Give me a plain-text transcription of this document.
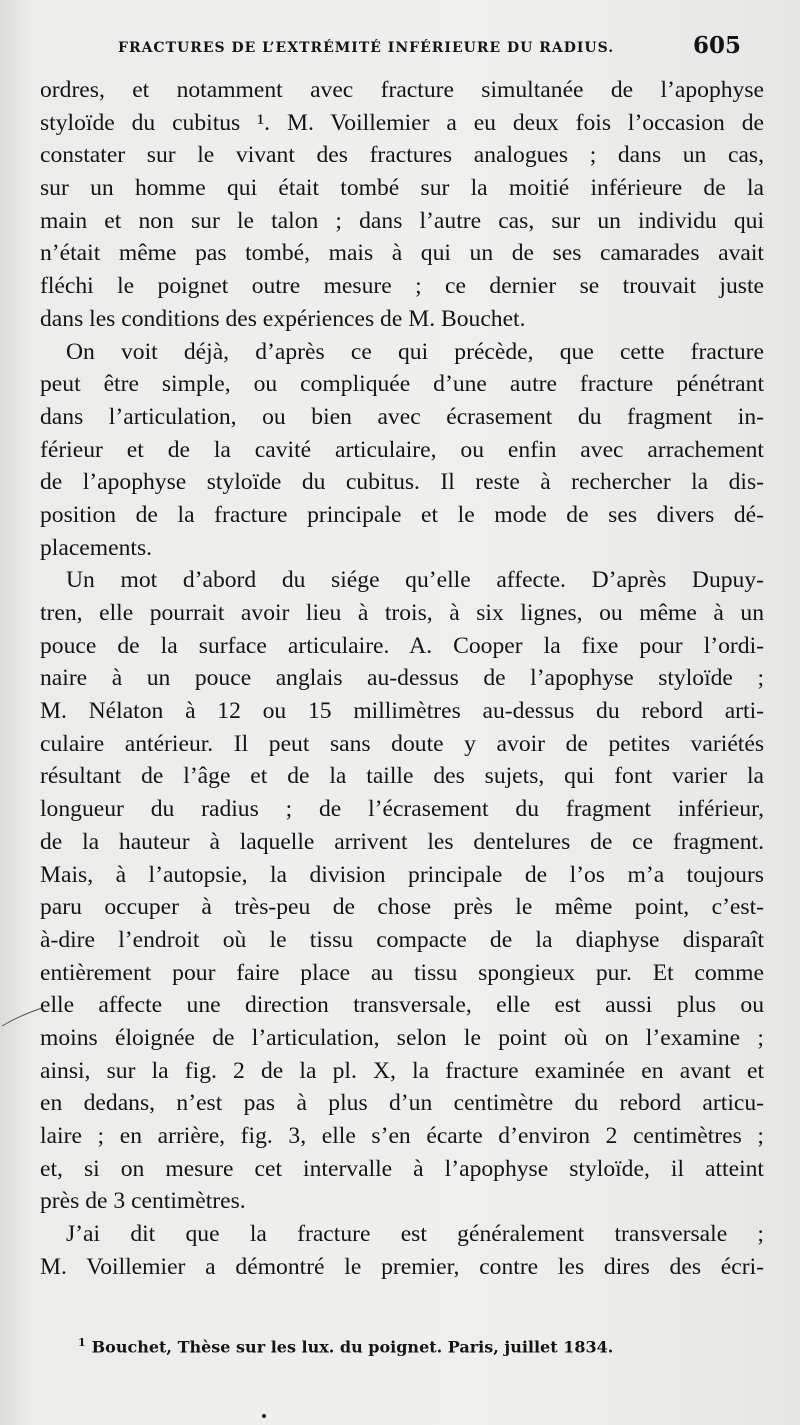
FRACTURES DE L’EXTRÉMITÉ INFÉRIEURE DU RADIUS.	605
ordres, et notamment avec fracture simultanée de l’apophyse
styloïde du cubitus ¹. M. Voillemier a eu deux fois l’occasion de
constater sur le vivant des fractures analogues ; dans un cas,
sur un homme qui était tombé sur la moitié inférieure de la
main et non sur le talon ; dans l’autre cas, sur un individu qui
n’était même pas tombé, mais à qui un de ses camarades avait
fléchi le poignet outre mesure ; ce dernier se trouvait juste
dans les conditions des expériences de M. Bouchet.
On voit déjà, d’après ce qui précède, que cette fracture
peut être simple, ou compliquée d’une autre fracture pénétrant
dans l’articulation, ou bien avec écrasement du fragment in-
férieur et de la cavité articulaire, ou enfin avec arrachement
de l’apophyse styloïde du cubitus. Il reste à rechercher la dis-
position de la fracture principale et le mode de ses divers dé-
placements.
Un mot d’abord du siége qu’elle affecte. D’après Dupuy-
tren, elle pourrait avoir lieu à trois, à six lignes, ou même à un
pouce de la surface articulaire. A. Cooper la fixe pour l’ordi-
naire à un pouce anglais au-dessus de l’apophyse styloïde ;
M. Nélaton à 12 ou 15 millimètres au-dessus du rebord arti-
culaire antérieur. Il peut sans doute y avoir de petites variétés
résultant de l’âge et de la taille des sujets, qui font varier la
longueur du radius ; de l’écrasement du fragment inférieur,
de la hauteur à laquelle arrivent les dentelures de ce fragment.
Mais, à l’autopsie, la division principale de l’os m’a toujours
paru occuper à très-peu de chose près le même point, c’est-
à-dire l’endroit où le tissu compacte de la diaphyse disparaît
entièrement pour faire place au tissu spongieux pur. Et comme
elle affecte une direction transversale, elle est aussi plus ou
moins éloignée de l’articulation, selon le point où on l’examine ;
ainsi, sur la fig. 2 de la pl. X, la fracture examinée en avant et
en dedans, n’est pas à plus d’un centimètre du rebord articu-
laire ; en arrière, fig. 3, elle s’en écarte d’environ 2 centimètres ;
et, si on mesure cet intervalle à l’apophyse styloïde, il atteint
près de 3 centimètres.
J’ai dit que la fracture est généralement transversale ;
M. Voillemier a démontré le premier, contre les dires des écri-
$^1$ Bouchet, Thèse sur les lux. du poignet. Paris, juillet 1834.
